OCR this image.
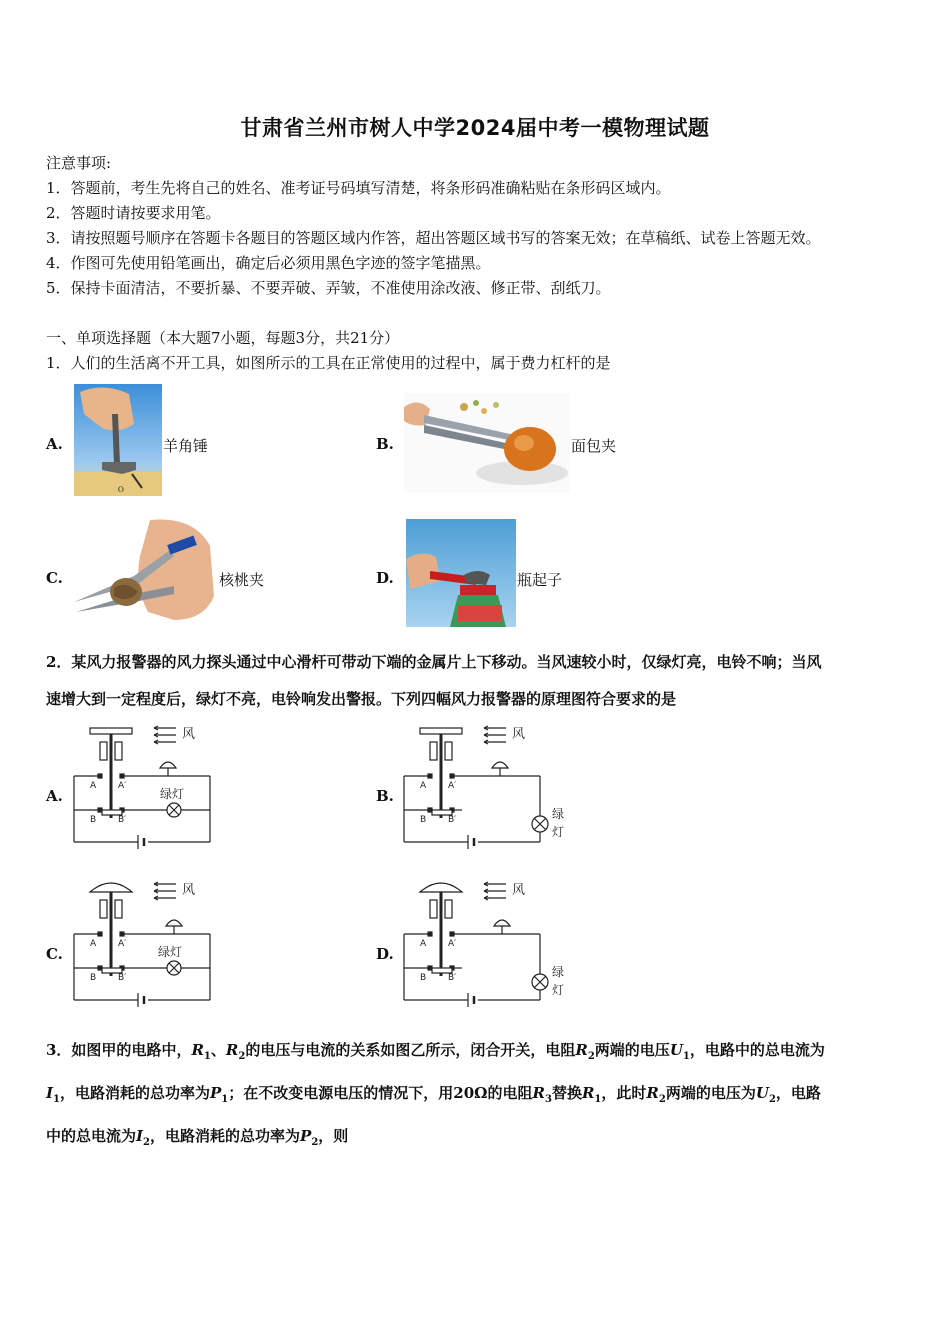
甘肃省兰州市树人中学2024届中考一模物理试题
注意事项:
1．答题前，考生先将自己的姓名、准考证号码填写清楚，将条形码准确粘贴在条形码区域内。
2．答题时请按要求用笔。
3．请按照题号顺序在答题卡各题目的答题区域内作答，超出答题区域书写的答案无效；在草稿纸、试卷上答题无效。
4．作图可先使用铅笔画出，确定后必须用黑色字迹的签字笔描黑。
5．保持卡面清洁，不要折暴、不要弄破、弄皱，不准使用涂改液、修正带、刮纸刀。
一、单项选择题（本大题7小题，每题3分，共21分）
1．人们的生活离不开工具，如图所示的工具在正常使用的过程中，属于费力杠杆的是
A.
O
羊角锤	B.	面包夹
C.	核桃夹	D.	瓶起子
2．某风力报警器的风力探头通过中心滑杆可带动下端的金属片上下移动。当风速较小时，仅绿灯亮，电铃不响；当风
速增大到一定程度后，绿灯不亮，电铃响发出警报。下列四幅风力报警器的原理图符合要求的是
A.	B.
C.	D.
风
A A′
绿灯
B B′
风
A A′
B B′	绿
灯
风
A A′
绿灯
B B′
风
A A′
B B′	绿
灯
3．如图甲的电路中，$R_1$、$R_2$的电压与电流的关系如图乙所示，闭合开关，电阻$R_2$两端的电压$U_1$，电路中的总电流为
$I_1$，电路消耗的总功率为$P_1$；在不改变电源电压的情况下，用20Ω的电阻$R_3$替换$R_1$，此时$R_2$两端的电压为$U_2$，电路
中的总电流为$I_2$，电路消耗的总功率为$P_2$，则
